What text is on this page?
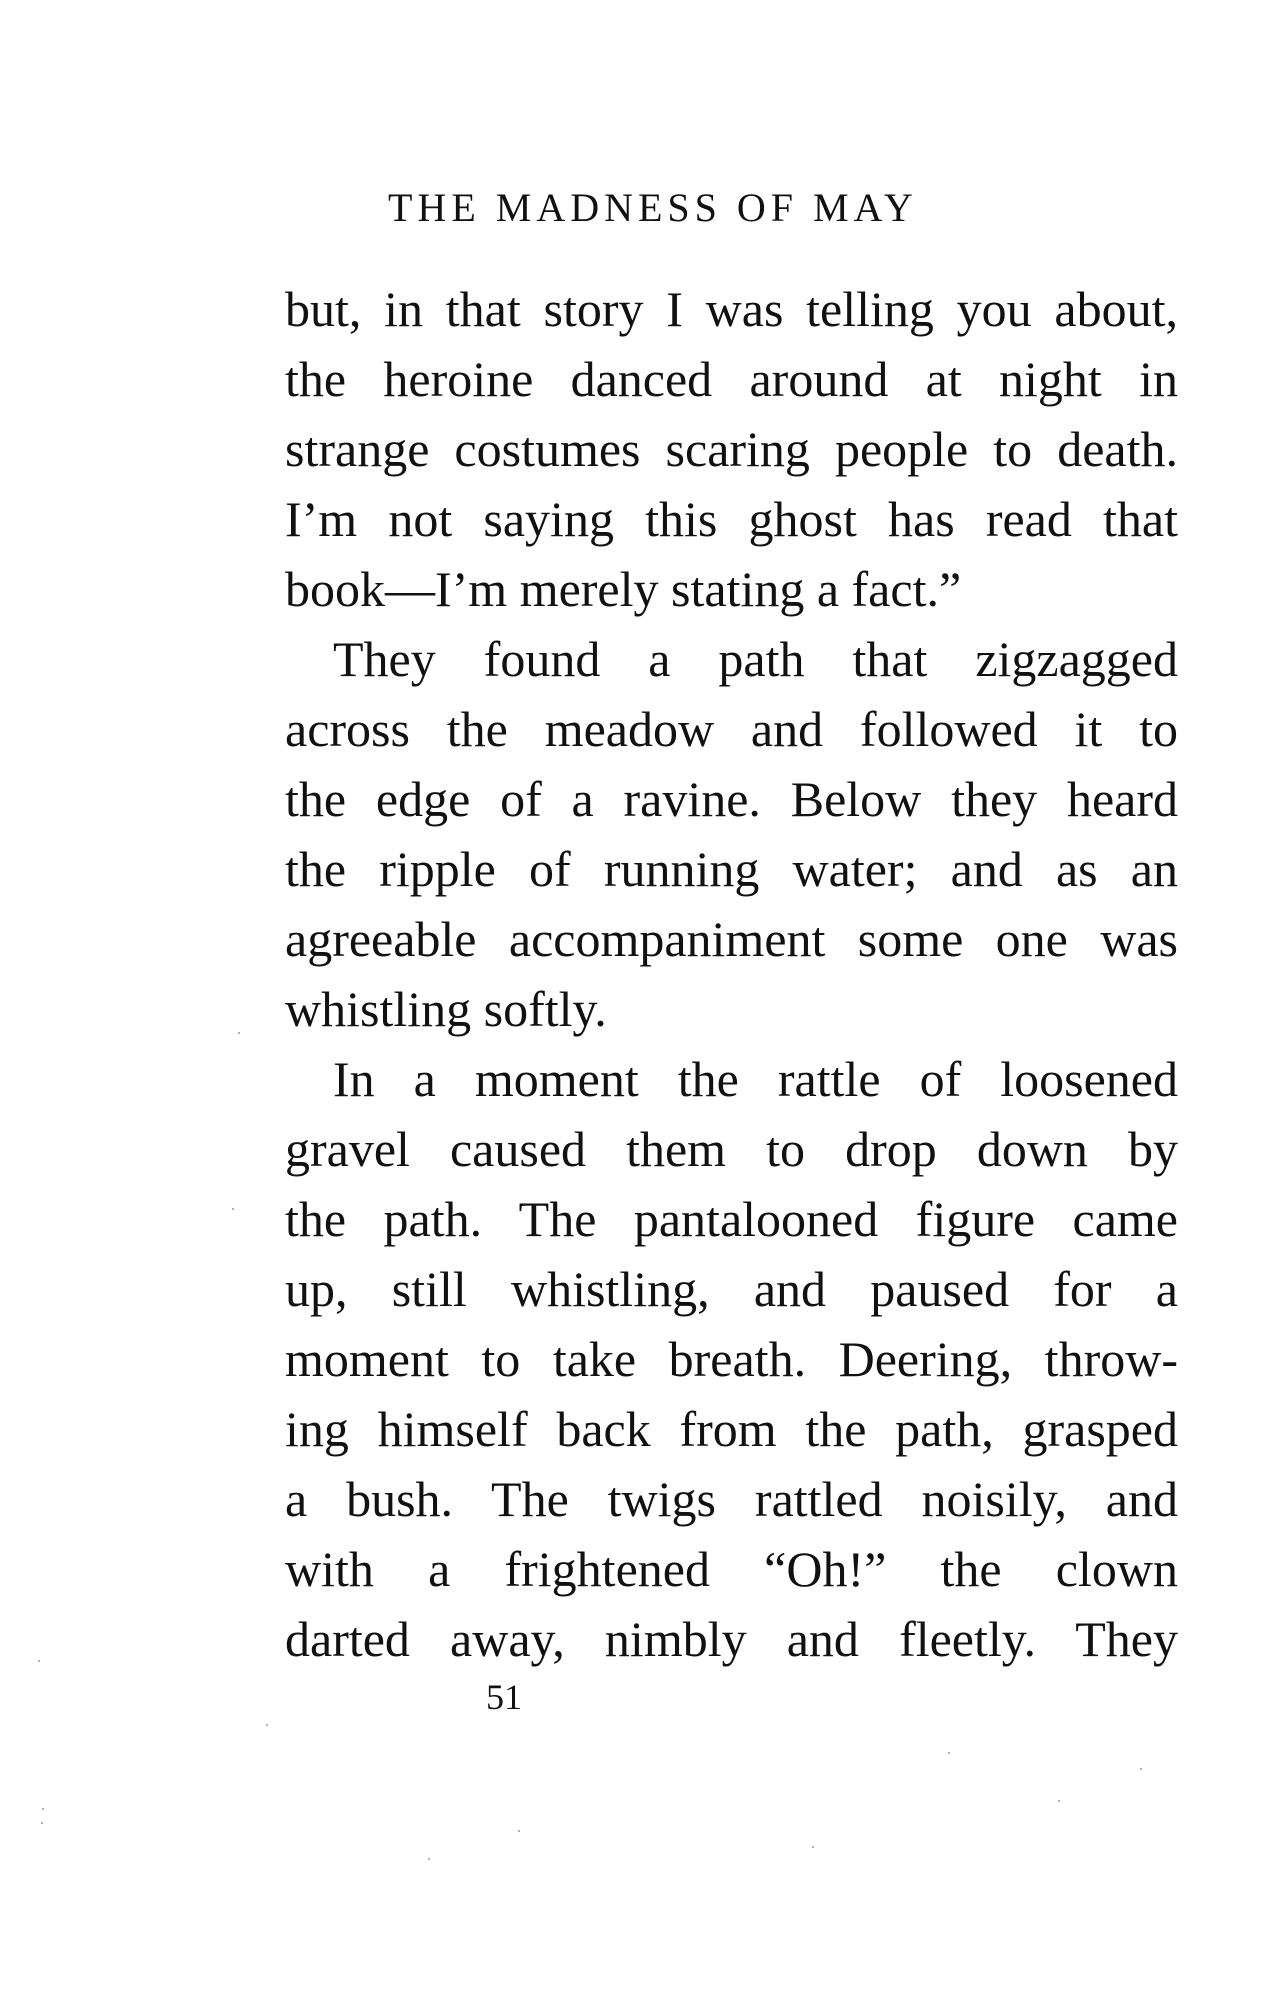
THE MADNESS OF MAY
but, in that story I was telling you about,
the heroine danced around at night in
strange costumes scaring people to death.
I’m not saying this ghost has read that
book—I’m merely stating a fact.”
They found a path that zigzagged
across the meadow and followed it to
the edge of a ravine. Below they heard
the ripple of running water; and as an
agreeable accompaniment some one was
whistling softly.
In a moment the rattle of loosened
gravel caused them to drop down by
the path. The pantalooned figure came
up, still whistling, and paused for a
moment to take breath. Deering, throw-
ing himself back from the path, grasped
a bush. The twigs rattled noisily, and
with a frightened “Oh!” the clown
darted away, nimbly and fleetly. They
51
